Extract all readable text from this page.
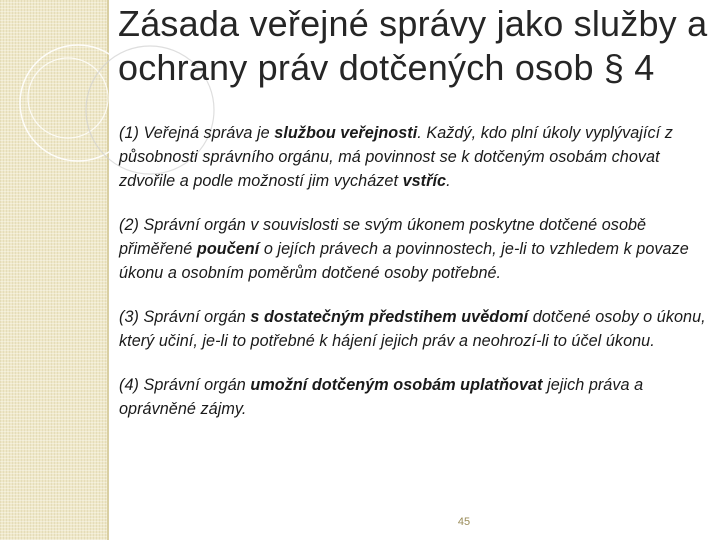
Zásada veřejné správy jako služby a ochrany práv dotčených osob § 4

(1) Veřejná správa je službou veřejnosti. Každý, kdo plní úkoly vyplývající z působnosti správního orgánu, má povinnost se k dotčeným osobám chovat zdvořile a podle možností jim vycházet vstříc.

(2) Správní orgán v souvislosti se svým úkonem poskytne dotčené osobě přiměřené poučení o jejích právech a povinnostech, je-li to vzhledem k povaze úkonu a osobním poměrům dotčené osoby potřebné.

(3) Správní orgán s dostatečným předstihem uvědomí dotčené osoby o úkonu, který učiní, je-li to potřebné k hájení jejich práv a neohrozí-li to účel úkonu.

(4) Správní orgán umožní dotčeným osobám uplatňovat jejich práva a oprávněné zájmy.

45
